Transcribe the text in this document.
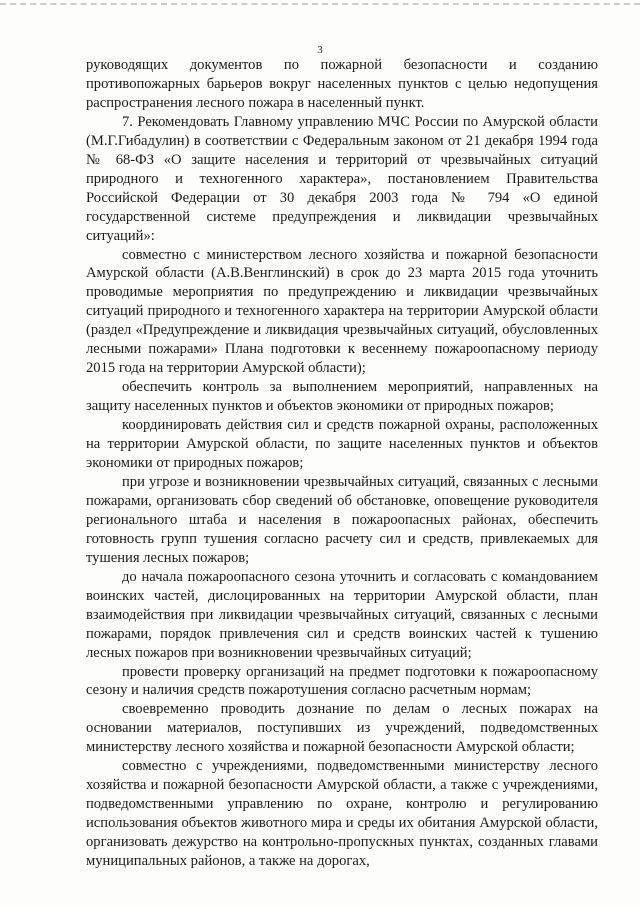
3

руководящих документов по пожарной безопасности и созданию противопожарных барьеров вокруг населенных пунктов с целью недопущения распространения лесного пожара в населенный пункт.

7. Рекомендовать Главному управлению МЧС России по Амурской области (М.Г.Гибадулин) в соответствии с Федеральным законом от 21 декабря 1994 года № 68-ФЗ «О защите населения и территорий от чрезвычайных ситуаций природного и техногенного характера», постановлением Правительства Российской Федерации от 30 декабря 2003 года № 794 «О единой государственной системе предупреждения и ликвидации чрезвычайных ситуаций»:

совместно с министерством лесного хозяйства и пожарной безопасности Амурской области (А.В.Венглинский) в срок до 23 марта 2015 года уточнить проводимые мероприятия по предупреждению и ликвидации чрезвычайных ситуаций природного и техногенного характера на территории Амурской области (раздел «Предупреждение и ликвидация чрезвычайных ситуаций, обусловленных лесными пожарами» Плана подготовки к весеннему пожароопасному периоду 2015 года на территории Амурской области);

обеспечить контроль за выполнением мероприятий, направленных на защиту населенных пунктов и объектов экономики от природных пожаров;

координировать действия сил и средств пожарной охраны, расположенных на территории Амурской области, по защите населенных пунктов и объектов экономики от природных пожаров;

при угрозе и возникновении чрезвычайных ситуаций, связанных с лесными пожарами, организовать сбор сведений об обстановке, оповещение руководителя регионального штаба и населения в пожароопасных районах, обеспечить готовность групп тушения согласно расчету сил и средств, привлекаемых для тушения лесных пожаров;

до начала пожароопасного сезона уточнить и согласовать с командованием воинских частей, дислоцированных на территории Амурской области, план взаимодействия при ликвидации чрезвычайных ситуаций, связанных с лесными пожарами, порядок привлечения сил и средств воинских частей к тушению лесных пожаров при возникновении чрезвычайных ситуаций;

провести проверку организаций на предмет подготовки к пожароопасному сезону и наличия средств пожаротушения согласно расчетным нормам;

своевременно проводить дознание по делам о лесных пожарах на основании материалов, поступивших из учреждений, подведомственных министерству лесного хозяйства и пожарной безопасности Амурской области;

совместно с учреждениями, подведомственными министерству лесного хозяйства и пожарной безопасности Амурской области, а также с учреждениями, подведомственными управлению по охране, контролю и регулированию использования объектов животного мира и среды их обитания Амурской области, организовать дежурство на контрольно-пропускных пунктах, созданных главами муниципальных районов, а также на дорогах,
